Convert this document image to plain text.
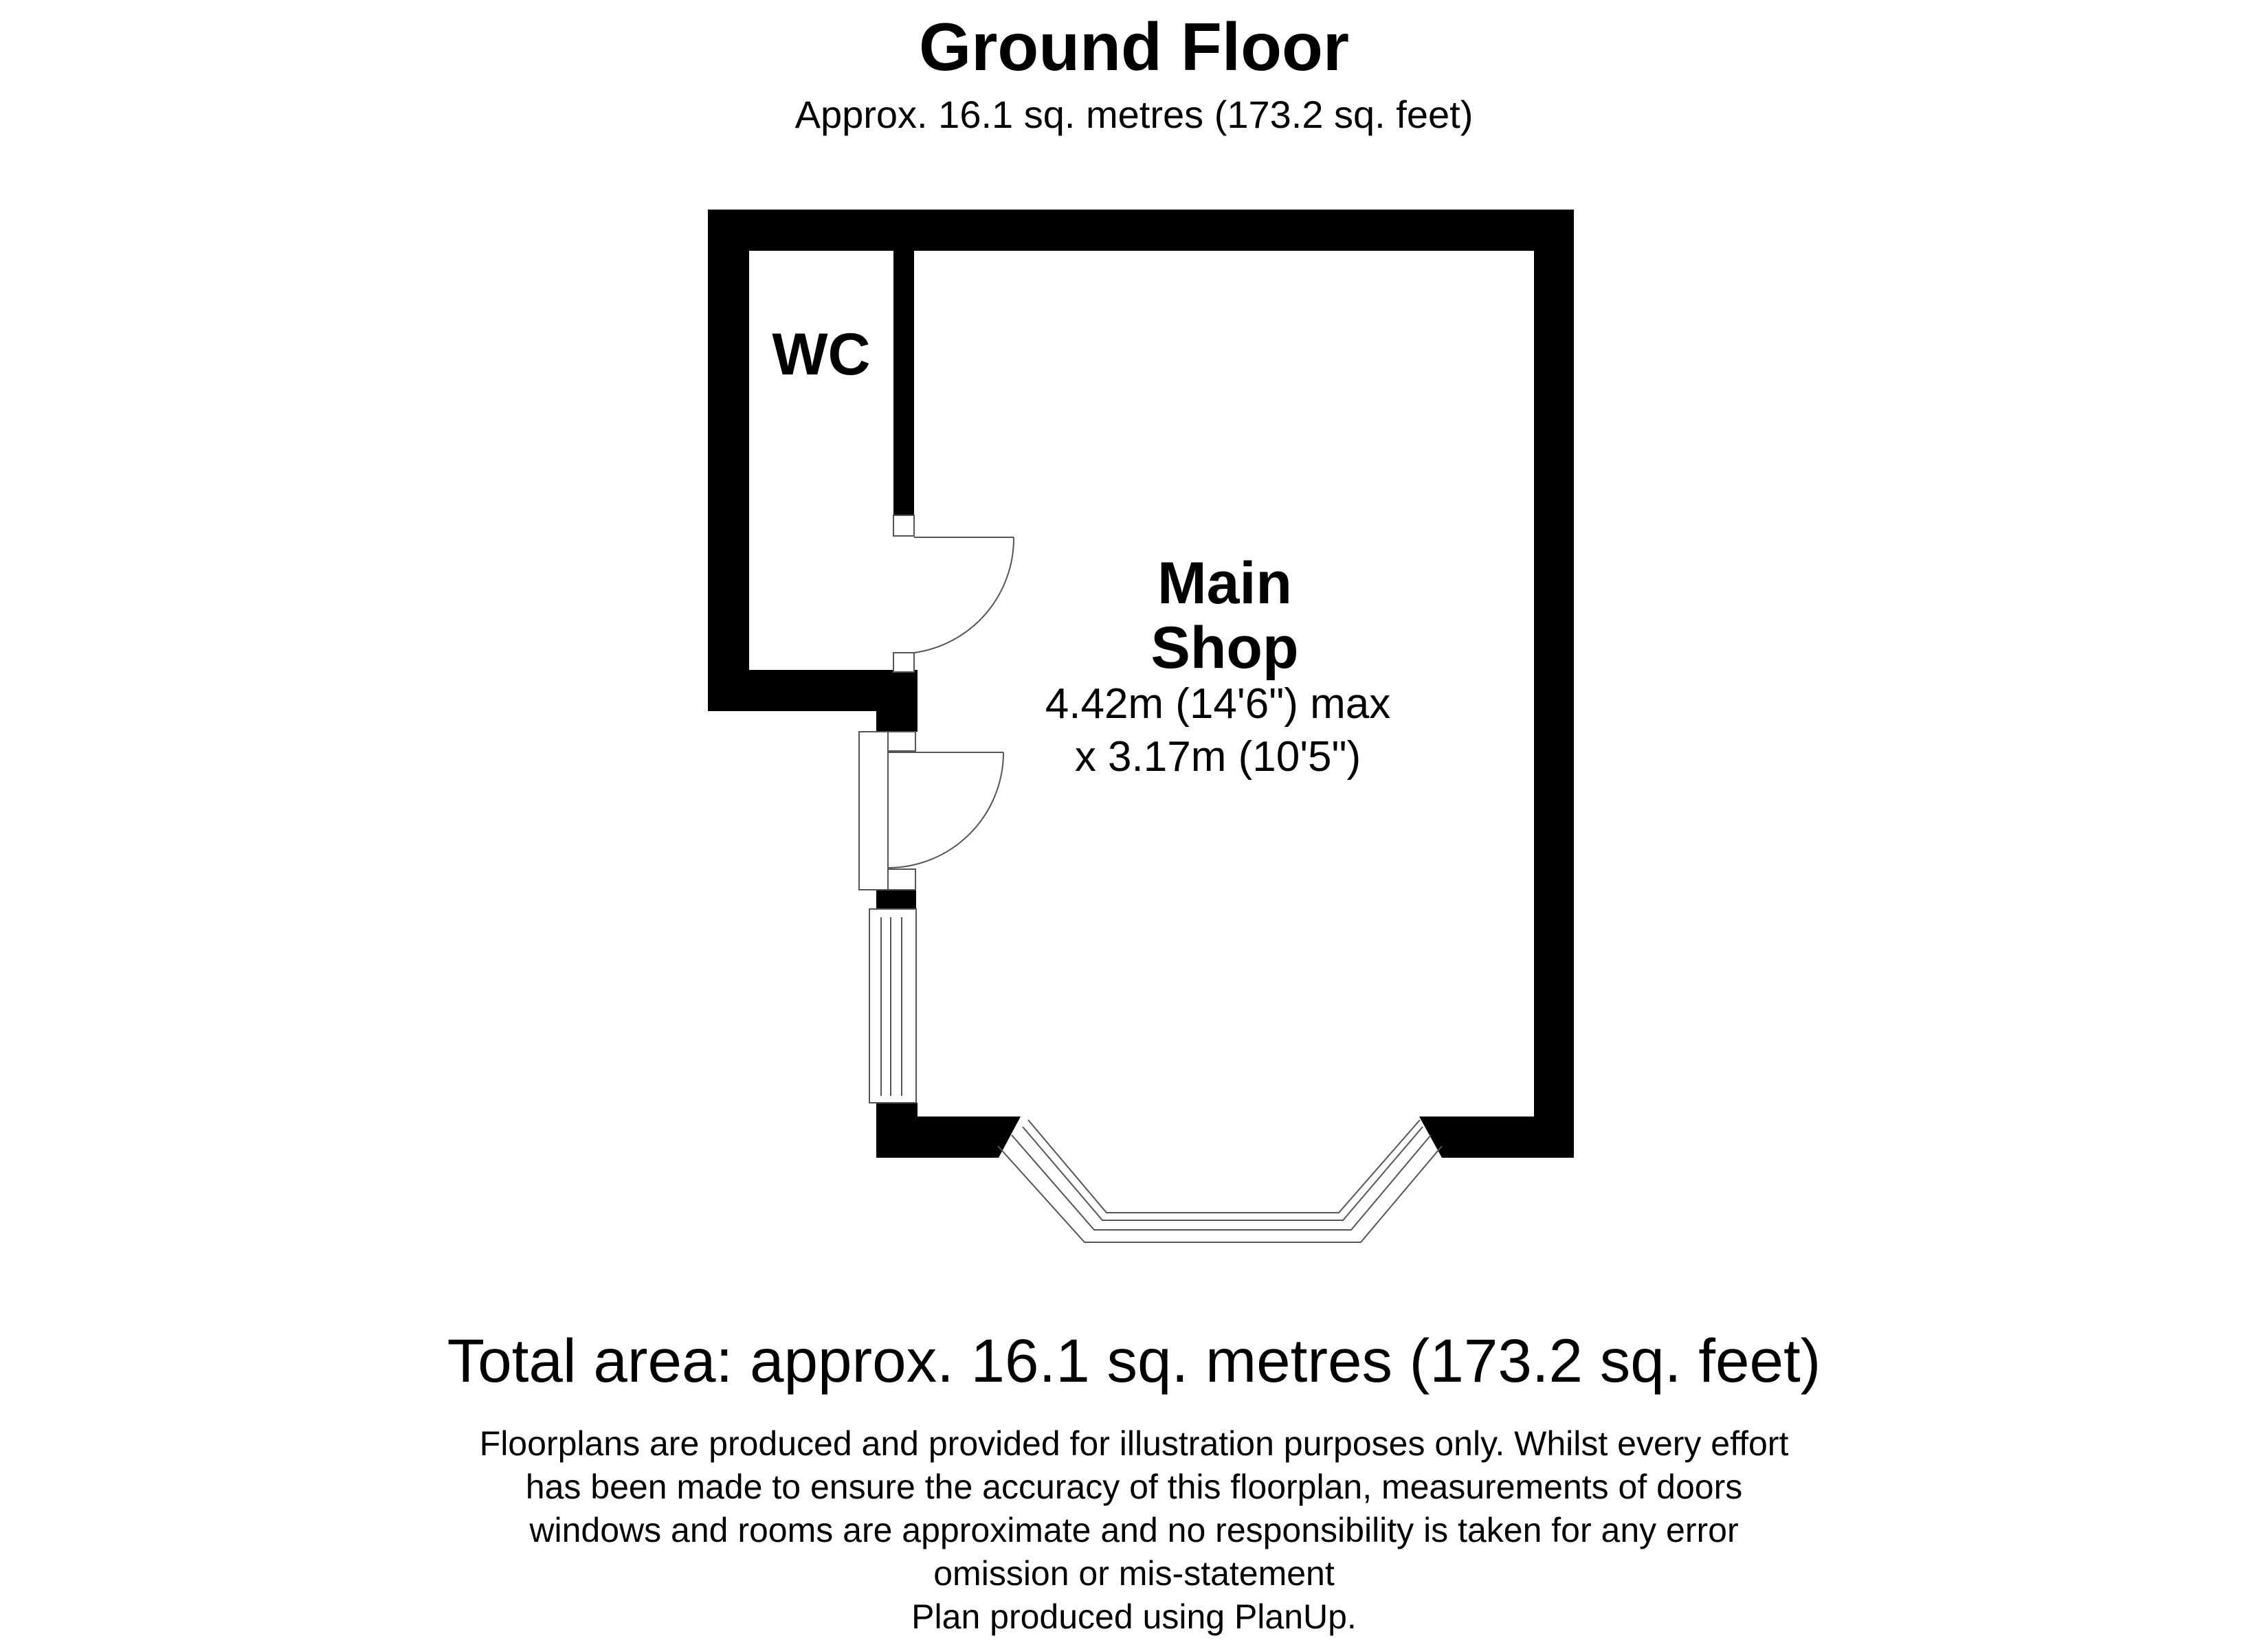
Ground Floor
Approx. 16.1 sq. metres (173.2 sq. feet)
WC
Main
Shop
4.42m (14'6") max
x 3.17m (10'5")
Total area: approx. 16.1 sq. metres (173.2 sq. feet)
Floorplans are produced and provided for illustration purposes only. Whilst every effort
has been made to ensure the accuracy of this floorplan, measurements of doors
windows and rooms are approximate and no responsibility is taken for any error
omission or mis-statement
Plan produced using PlanUp.
